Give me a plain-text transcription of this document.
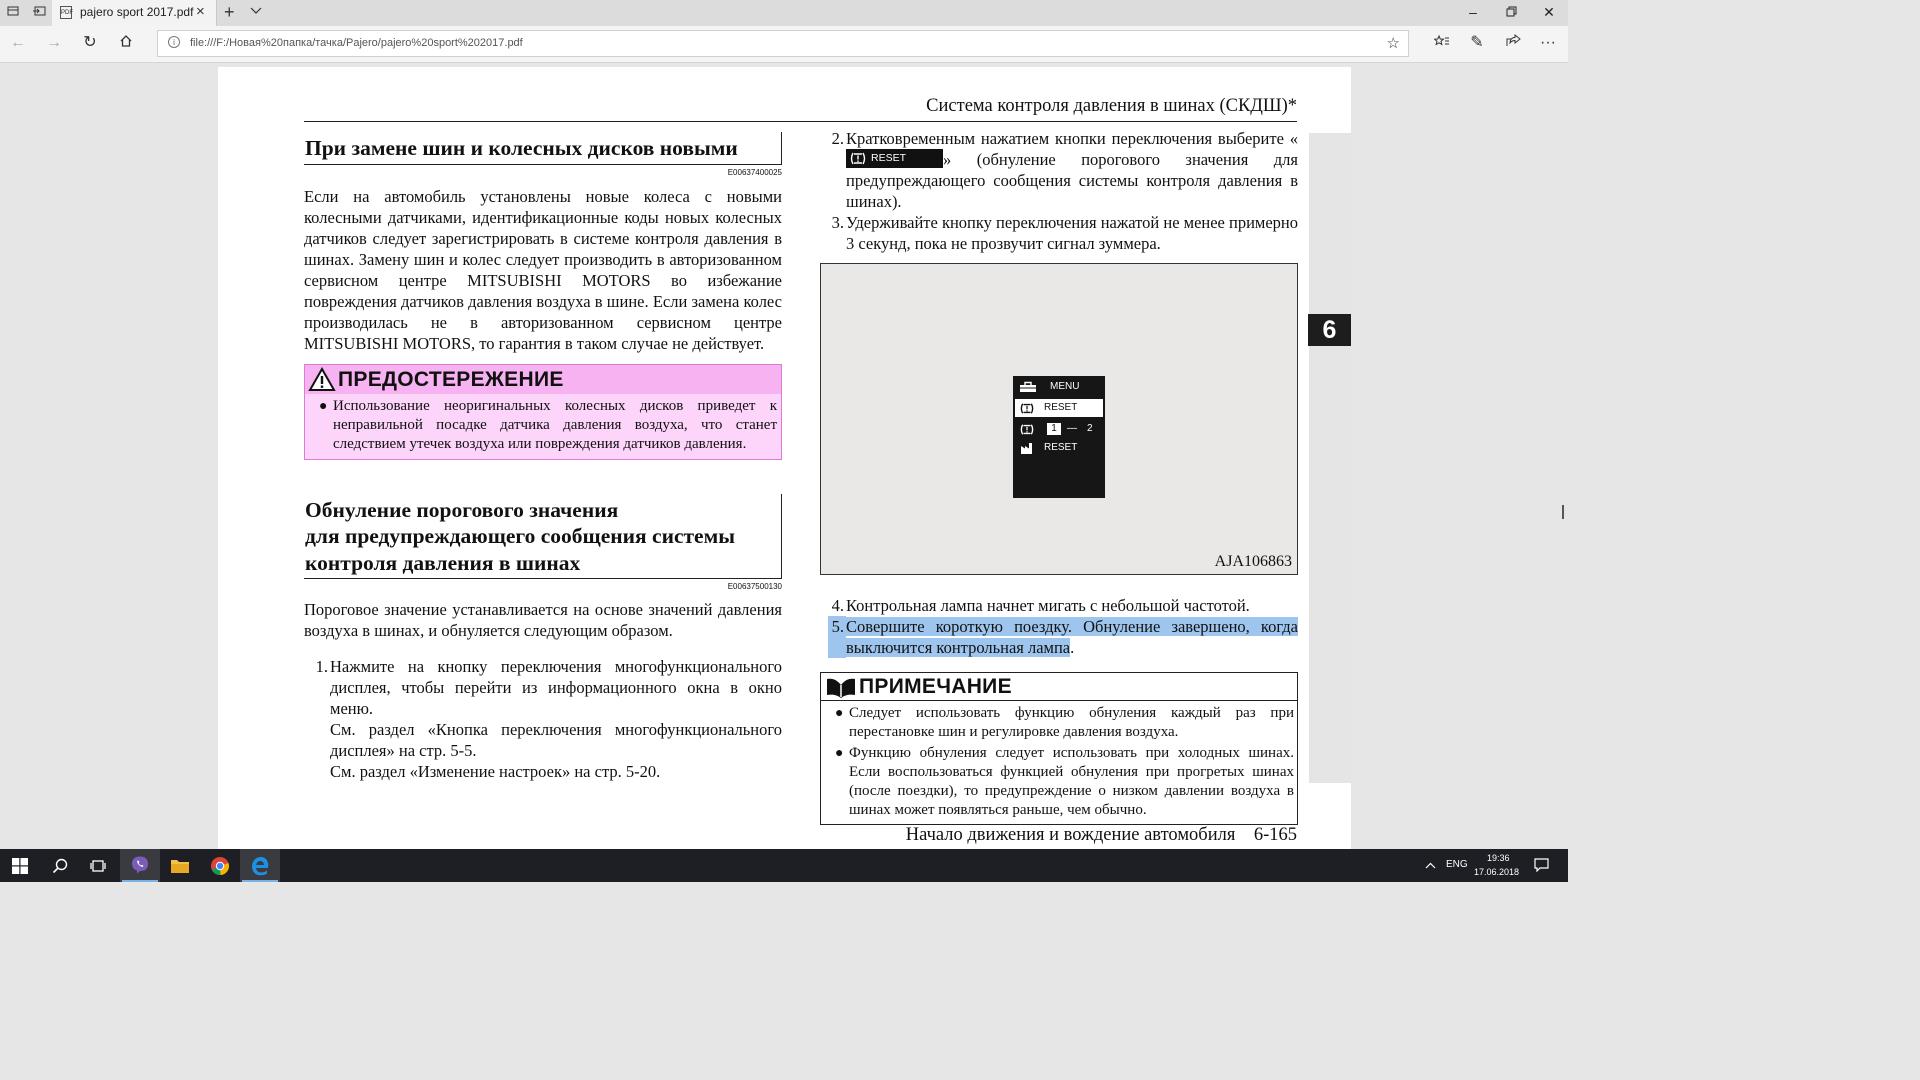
PDF pajero sport 2017.pdf × +	–	✕
← → ↻	i	file:///F:/Новая%20папка/тачка/Pajero/pajero%20sport%202017.pdf	☆	✎	···
Система контроля давления в шинах (СКДШ)*
6
При замене шин и колесных дисков новыми
E00637400025
Если на автомобиль установлены новые колеса с новыми колесными датчиками, идентификационные коды новых колесных датчиков следует зарегистрировать в системе контроля давления в шинах. Замену шин и колес следует производить в авторизованном сервисном центре MITSUBISHI MOTORS во избежание повреждения датчиков давления воздуха в шине. Если замена колес производилась не в авторизованном сервисном центре MITSUBISHI MOTORS, то гарантия в таком случае не действует.
ПРЕДОСТЕРЕЖЕНИЕ
● Использование неоригинальных колесных дисков приведет к неправильной посадке датчика давления воздуха, что станет следствием утечек воздуха или повреждения датчиков давления.
Обнуление порогового значения
для предупреждающего сообщения системы
контроля давления в шинах
E00637500130
Пороговое значение устанавливается на основе значений давления воздуха в шинах, и обнуляется следующим образом.
1. Нажмите на кнопку переключения многофункционального дисплея, чтобы перейти из информационного окна в окно меню.
См. раздел «Кнопка переключения многофункционального дисплея» на стр. 5-5.
См. раздел «Изменение настроек» на стр. 5-20.
2. Кратковременным нажатием кнопки переключения выберите «
RESET » (обнуление порогового значения для предупреждающего сообщения системы контроля давления в шинах).
3. Удерживайте кнопку переключения нажатой не менее примерно 3 секунд, пока не прозвучит сигнал зуммера.
MENU
RESET
1	— 2
RESET
AJA106863
4. Контрольная лампа начнет мигать с небольшой частотой.
5. Совершите короткую поездку. Обнуление завершено, когда выключится контрольная лампа.
ПРИМЕЧАНИЕ
● Следует использовать функцию обнуления каждый раз при перестановке шин и регулировке давления воздуха.
● Функцию обнуления следует использовать при холодных шинах. Если воспользоваться функцией обнуления при прогретых шинах (после поездки), то предупреждение о низком давлении воздуха в шинах может появляться раньше, чем обычно.
Начало движения и вождение автомобиля    6-165
ENG
19:36
17.06.2018
